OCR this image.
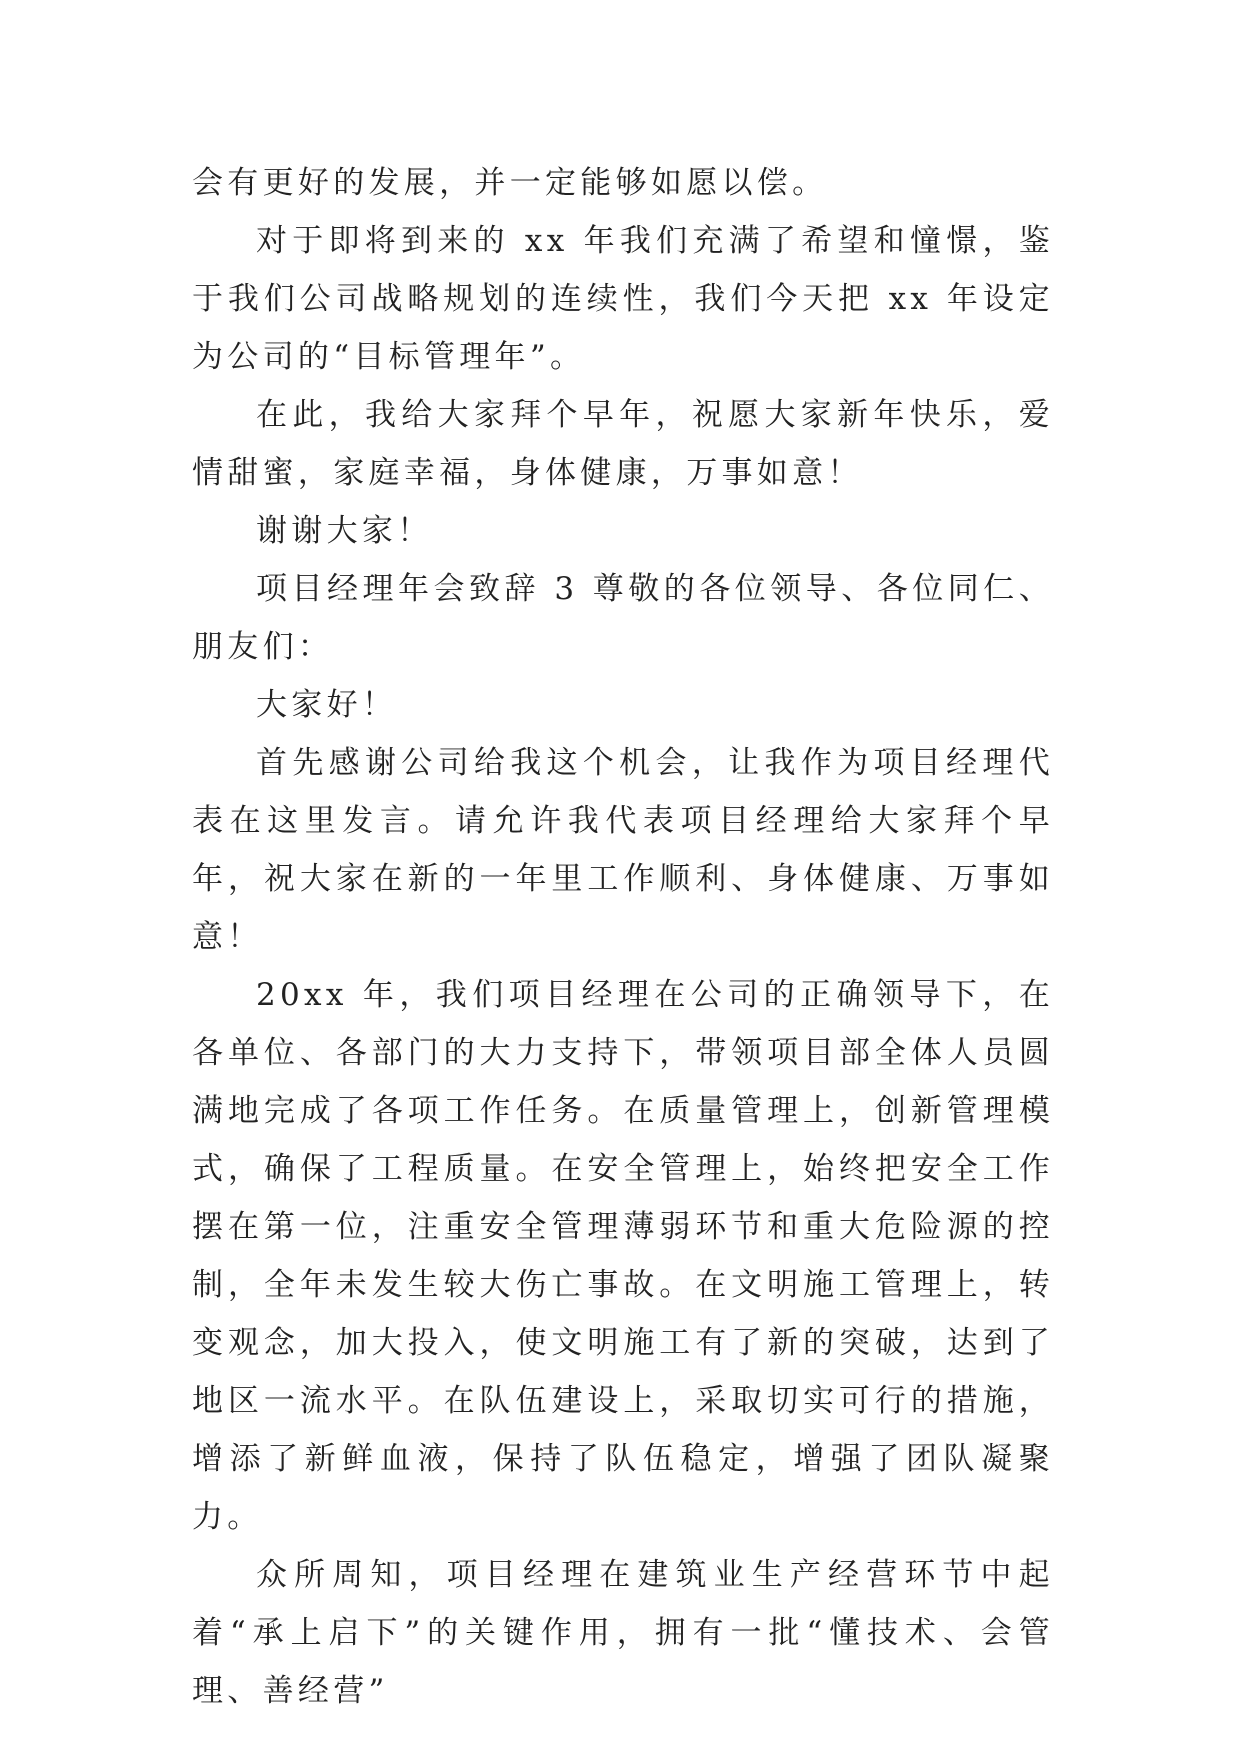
会有更好的发展，并一定能够如愿以偿。

对于即将到来的 xx 年我们充满了希望和憧憬，鉴于我们公司战略规划的连续性，我们今天把 xx 年设定为公司的“目标管理年”。

在此，我给大家拜个早年，祝愿大家新年快乐，爱情甜蜜，家庭幸福，身体健康，万事如意！

谢谢大家！

项目经理年会致辞 3 尊敬的各位领导、各位同仁、朋友们：

大家好！

首先感谢公司给我这个机会，让我作为项目经理代表在这里发言。请允许我代表项目经理给大家拜个早年，祝大家在新的一年里工作顺利、身体健康、万事如意！

20xx 年，我们项目经理在公司的正确领导下，在各单位、各部门的大力支持下，带领项目部全体人员圆满地完成了各项工作任务。在质量管理上，创新管理模式，确保了工程质量。在安全管理上，始终把安全工作摆在第一位，注重安全管理薄弱环节和重大危险源的控制，全年未发生较大伤亡事故。在文明施工管理上，转变观念，加大投入，使文明施工有了新的突破，达到了地区一流水平。在队伍建设上，采取切实可行的措施，增添了新鲜血液，保持了队伍稳定，增强了团队凝聚力。

众所周知，项目经理在建筑业生产经营环节中起着“承上启下”的关键作用，拥有一批“懂技术、会管理、善经营”
